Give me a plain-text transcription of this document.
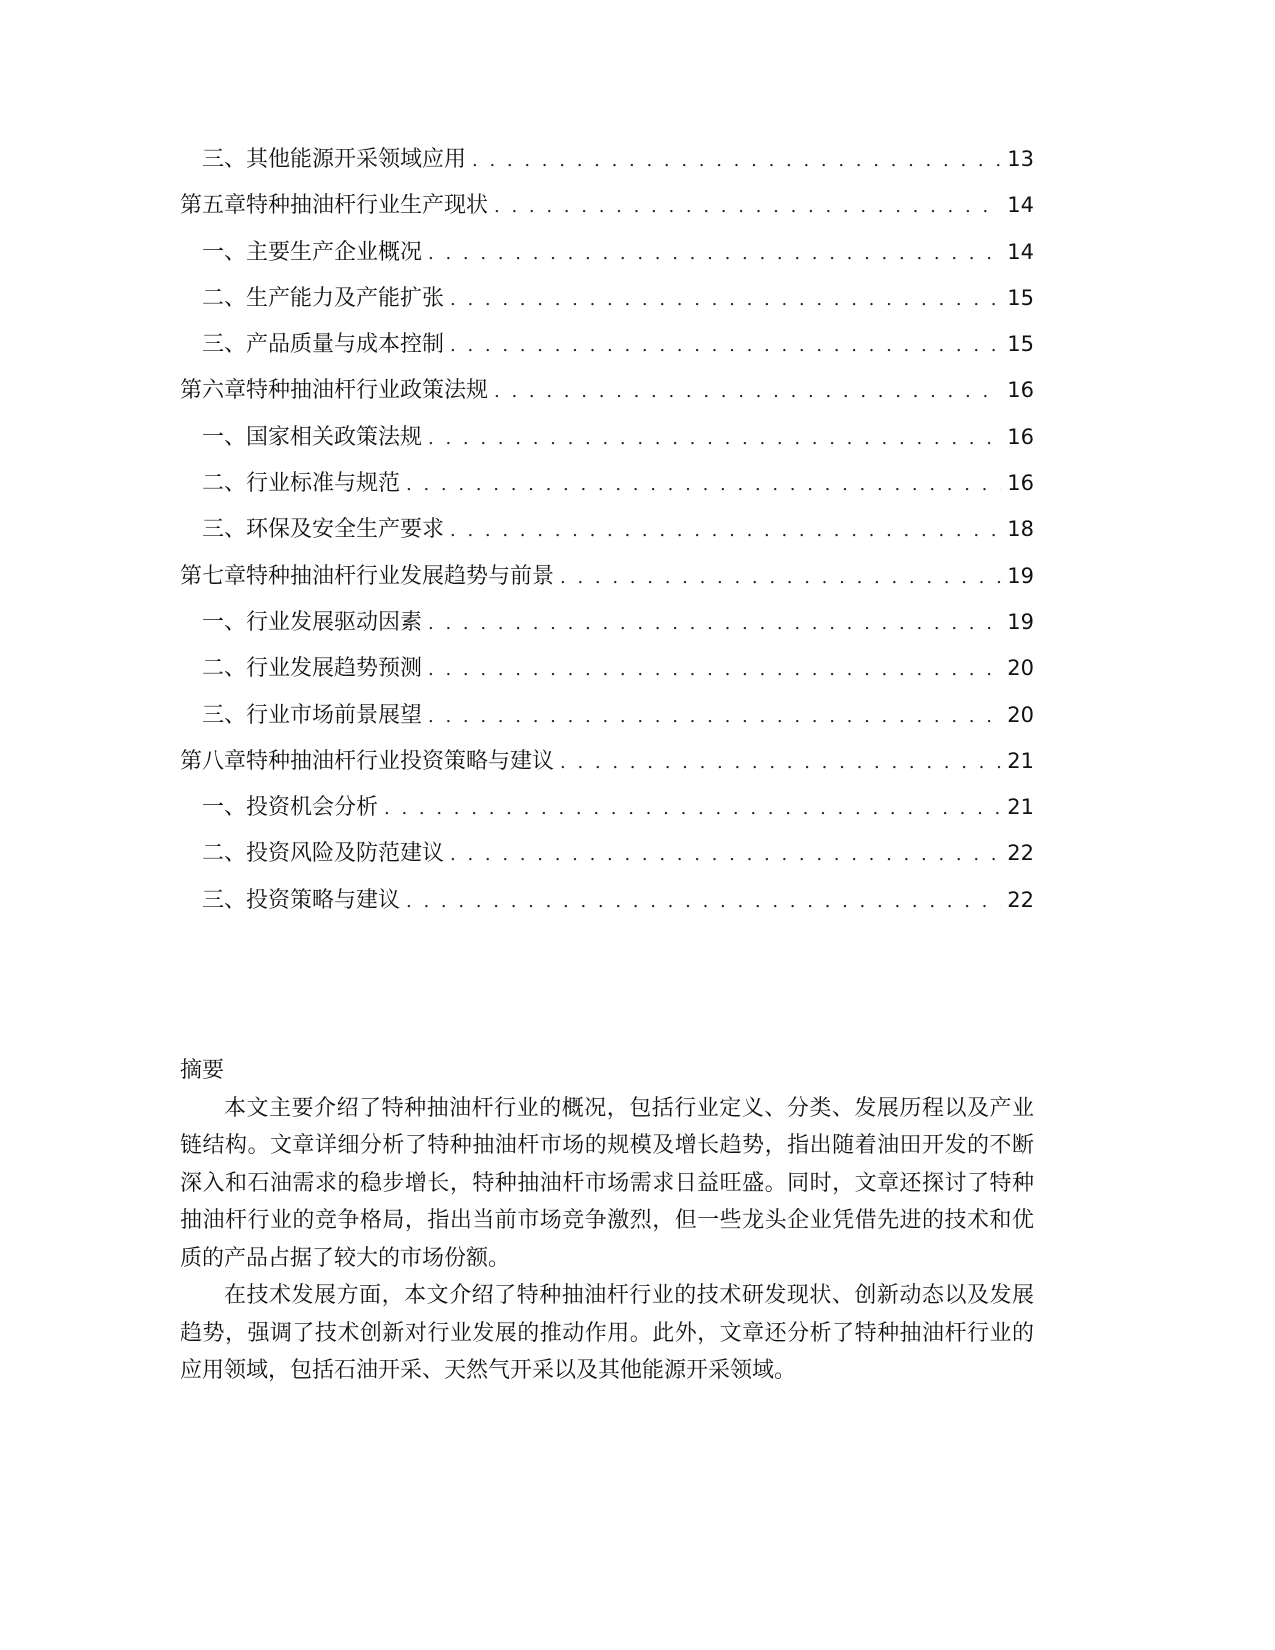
三、 其他能源开采领域应用 . . .	13
第五章 特种抽油杆行业生产现状 . . .	14
一、 主要生产企业概况 . . .	14
二、 生产能力及产能扩张 . . .	15
三、 产品质量与成本控制 . . .	15
第六章 特种抽油杆行业政策法规 . . .	16
一、 国家相关政策法规 . . .	16
二、 行业标准与规范 . . .	16
三、 环保及安全生产要求 . . .	18
第七章 特种抽油杆行业发展趋势与前景 . . .	19
一、 行业发展驱动因素 . . .	19
二、 行业发展趋势预测 . . .	20
三、 行业市场前景展望 . . .	20
第八章 特种抽油杆行业投资策略与建议 . . .	21
一、 投资机会分析 . . .	21
二、 投资风险及防范建议 . . .	22
三、 投资策略与建议 . . .	22

摘要

本文主要介绍了特种抽油杆行业的概况，包括行业定义、分类、发展历程以及产业链结构。文章详细分析了特种抽油杆市场的规模及增长趋势，指出随着油田开发的不断深入和石油需求的稳步增长，特种抽油杆市场需求日益旺盛。同时，文章还探讨了特种抽油杆行业的竞争格局，指出当前市场竞争激烈，但一些龙头企业凭借先进的技术和优质的产品占据了较大的市场份额。

在技术发展方面，本文介绍了特种抽油杆行业的技术研发现状、创新动态以及发展趋势，强调了技术创新对行业发展的推动作用。此外，文章还分析了特种抽油杆行业的应用领域，包括石油开采、天然气开采以及其他能源开采领域。
